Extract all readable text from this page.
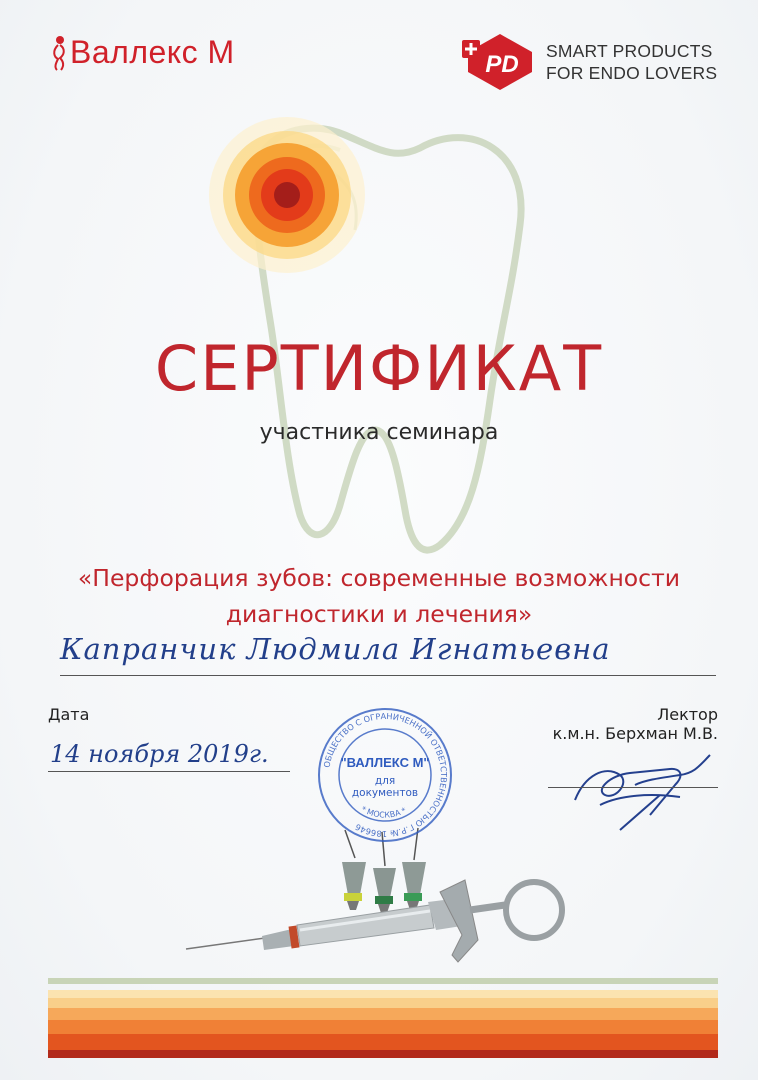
Валлекс М	PD SMART PRODUCTS
FOR ENDO LOVERS
СЕРТИФИКАТ
участника семинара
«Перфорация зубов: современные возможности
диагностики и лечения»
Капранчик Людмила Игнатьевна
Дата
14 ноября 2019г.
Лектор
к.м.н. Берхман М.В.
ОБЩЕСТВО С ОГРАНИЧЕННОЙ ОТВЕТСТВЕННОСТЬЮ Г.Р.№ 186646
* МОСКВА *
"ВАЛЛЕКС М"
для
документов
